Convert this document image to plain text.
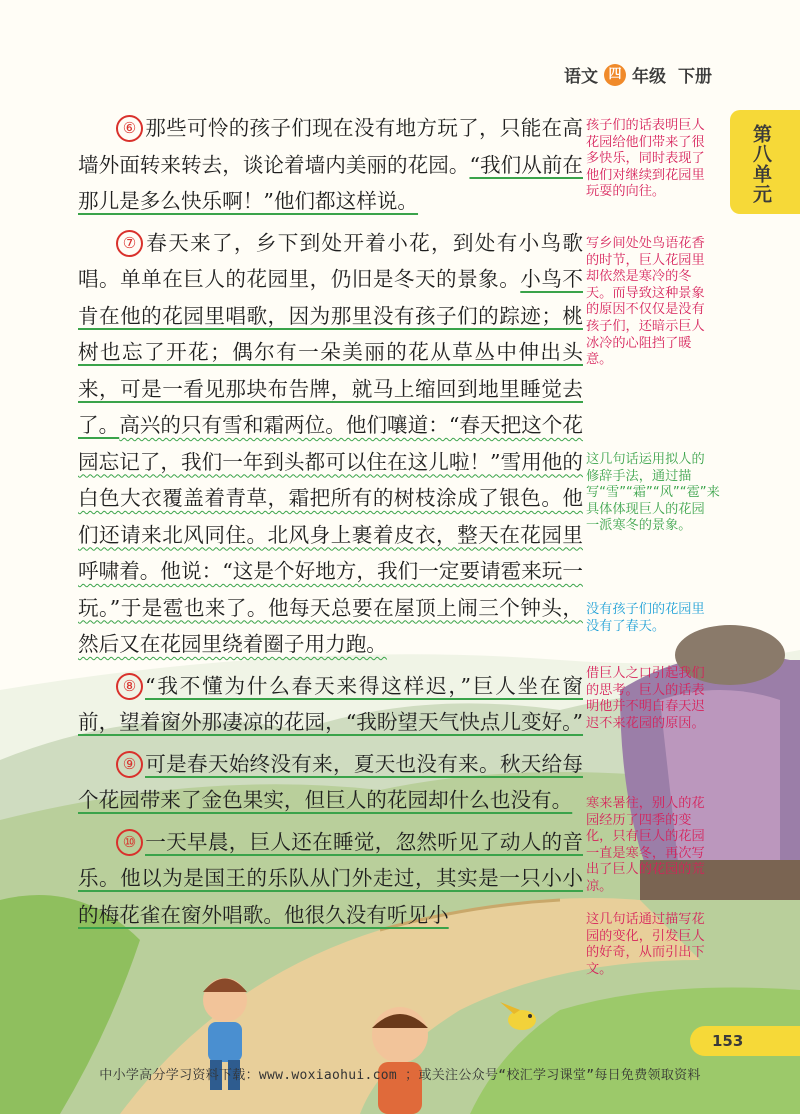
语文 四 年级 下册
第八单元

⑥ 那些可怜的孩子们现在没有地方玩了，只能在高墙外面转来转去，谈论着墙内美丽的花园。“我们从前在那儿是多么快乐啊！”他们都这样说。

⑦ 春天来了，乡下到处开着小花，到处有小鸟歌唱。单单在巨人的花园里，仍旧是冬天的景象。小鸟不肯在他的花园里唱歌，因为那里没有孩子们的踪迹；桃树也忘了开花；偶尔有一朵美丽的花从草丛中伸出头来，可是一看见那块布告牌，就马上缩回到地里睡觉去了。高兴的只有雪和霜两位。他们嚷道：“春天把这个花园忘记了，我们一年到头都可以住在这儿啦！”雪用他的白色大衣覆盖着青草，霜把所有的树枝涂成了银色。他们还请来北风同住。北风身上裹着皮衣，整天在花园里呼啸着。他说：“这是个好地方，我们一定要请雹来玩一玩。”于是雹也来了。他每天总要在屋顶上闹三个钟头，然后又在花园里绕着圈子用力跑。

⑧ “我不懂为什么春天来得这样迟，”巨人坐在窗前，望着窗外那凄凉的花园，“我盼望天气快点儿变好。”

⑨ 可是春天始终没有来，夏天也没有来。秋天给每个花园带来了金色果实，但巨人的花园却什么也没有。

⑩ 一天早晨，巨人还在睡觉，忽然听见了动人的音乐。他以为是国王的乐队从门外走过，其实是一只小小的梅花雀在窗外唱歌。他很久没有听见小

孩子们的话表明巨人花园给他们带来了很多快乐，同时表现了他们对继续到花园里玩耍的向往。

写乡间处处鸟语花香的时节，巨人花园里却依然是寒冷的冬天。而导致这种景象的原因不仅仅是没有孩子们，还暗示巨人冰冷的心阻挡了暖意。

这几句话运用拟人的修辞手法，通过描写“雪”“霜”“风”“雹”来具体体现巨人的花园一派寒冬的景象。

没有孩子们的花园里没有了春天。

借巨人之口引起我们的思考。巨人的话表明他并不明白春天迟迟不来花园的原因。

寒来暑往，别人的花园经历了四季的变化，只有巨人的花园一直是寒冬，再次写出了巨人的花园的荒凉。

这几句话通过描写花园的变化，引发巨人的好奇，从而引出下文。

153
中小学高分学习资料下载：www.woxiaohui.com ；或关注公众号“校汇学习课堂”每日免费领取资料
